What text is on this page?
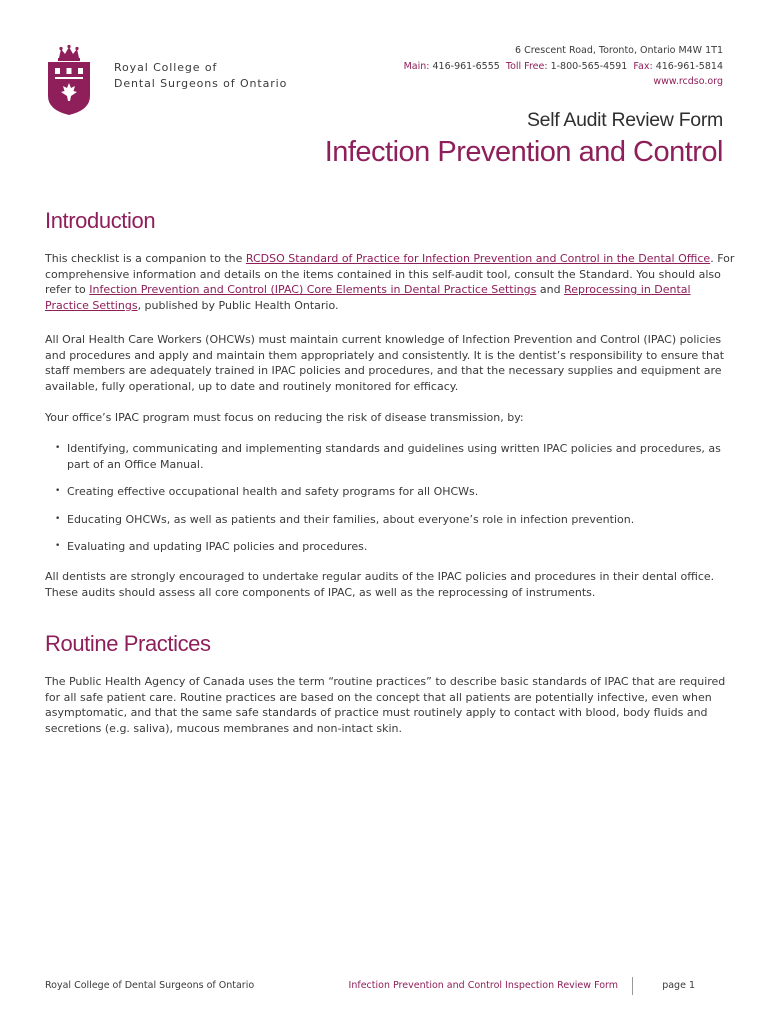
Royal College of
Dental Surgeons of Ontario
6 Crescent Road, Toronto, Ontario M4W 1T1
Main: 416-961-6555 Toll Free: 1-800-565-4591 Fax: 416-961-5814
www.rcdso.org
Self Audit Review Form
Infection Prevention and Control
Introduction
This checklist is a companion to the RCDSO Standard of Practice for Infection Prevention and Control in the Dental Office. For comprehensive information and details on the items contained in this self-audit tool, consult the Standard. You should also refer to Infection Prevention and Control (IPAC) Core Elements in Dental Practice Settings and Reprocessing in Dental Practice Settings, published by Public Health Ontario.
All Oral Health Care Workers (OHCWs) must maintain current knowledge of Infection Prevention and Control (IPAC) policies and procedures and apply and maintain them appropriately and consistently. It is the dentist’s responsibility to ensure that staff members are adequately trained in IPAC policies and procedures, and that the necessary supplies and equipment are available, fully operational, up to date and routinely monitored for efficacy.
Your office’s IPAC program must focus on reducing the risk of disease transmission, by:
• Identifying, communicating and implementing standards and guidelines using written IPAC policies and procedures, as part of an Office Manual.
• Creating effective occupational health and safety programs for all OHCWs.
• Educating OHCWs, as well as patients and their families, about everyone’s role in infection prevention.
• Evaluating and updating IPAC policies and procedures.
All dentists are strongly encouraged to undertake regular audits of the IPAC policies and procedures in their dental office. These audits should assess all core components of IPAC, as well as the reprocessing of instruments.
Routine Practices
The Public Health Agency of Canada uses the term “routine practices” to describe basic standards of IPAC that are required for all safe patient care. Routine practices are based on the concept that all patients are potentially infective, even when asymptomatic, and that the same safe standards of practice must routinely apply to contact with blood, body fluids and secretions (e.g. saliva), mucous membranes and non-intact skin.
Royal College of Dental Surgeons of Ontario	Infection Prevention and Control Inspection Review Form	page 1
